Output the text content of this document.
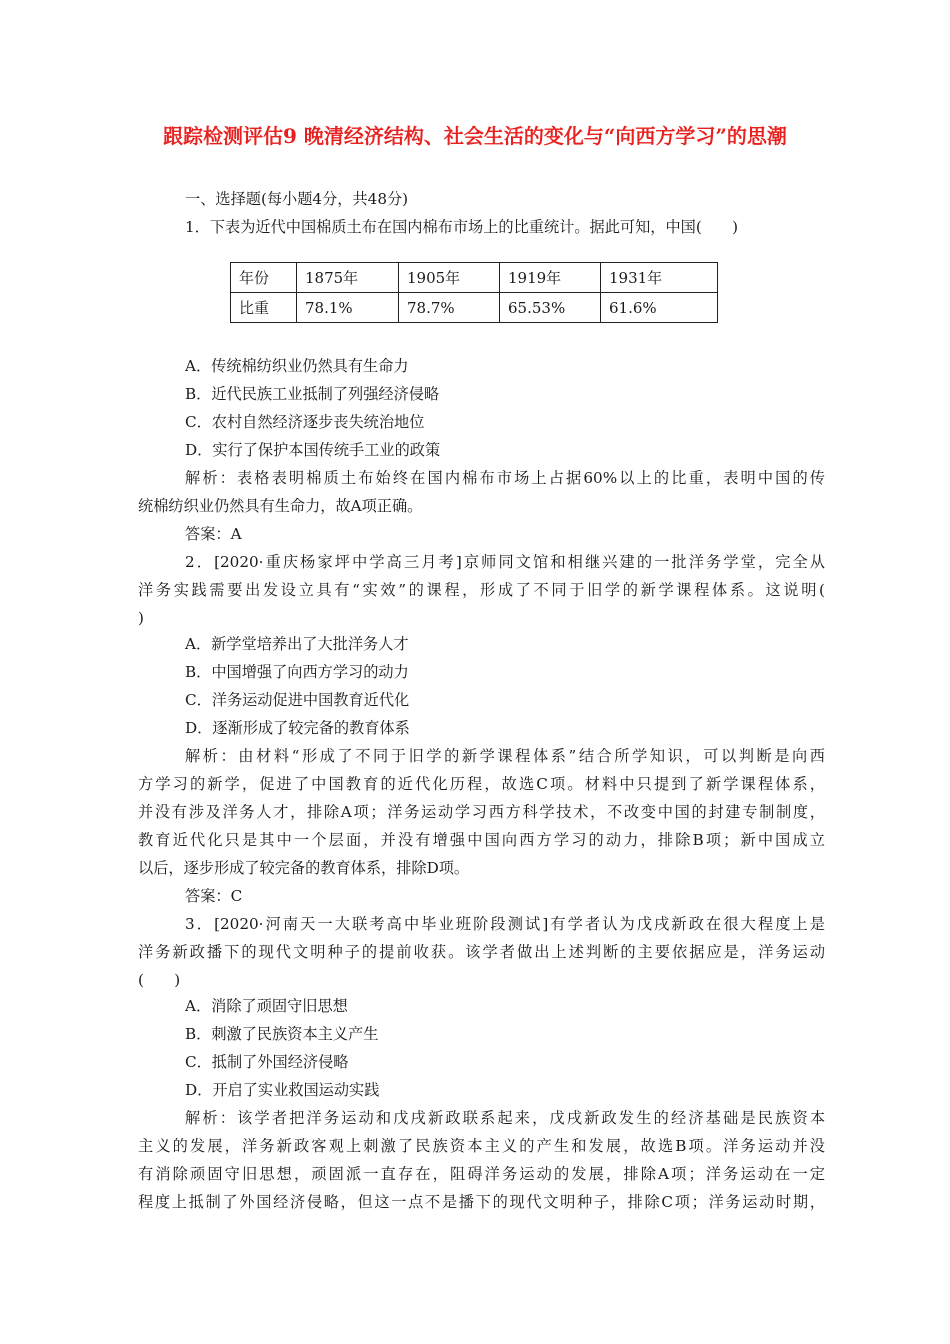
跟踪检测评估9 晚清经济结构、社会生活的变化与“向西方学习”的思潮
一、选择题(每小题4分，共48分)
1．下表为近代中国棉质土布在国内棉布市场上的比重统计。据此可知，中国(　　)
年份	1875年	1905年	1919年	1931年
比重	78.1%	78.7%	65.53%	61.6%
A．传统棉纺织业仍然具有生命力
B．近代民族工业抵制了列强经济侵略
C．农村自然经济逐步丧失统治地位
D．实行了保护本国传统手工业的政策
解析：表格表明棉质土布始终在国内棉布市场上占据60%以上的比重，表明中国的传
统棉纺织业仍然具有生命力，故A项正确。
答案：A
2．[2020·重庆杨家坪中学高三月考]京师同文馆和相继兴建的一批洋务学堂，完全从
洋务实践需要出发设立具有“实效”的课程，形成了不同于旧学的新学课程体系。这说明(
)
A．新学堂培养出了大批洋务人才
B．中国增强了向西方学习的动力
C．洋务运动促进中国教育近代化
D．逐渐形成了较完备的教育体系
解析：由材料“形成了不同于旧学的新学课程体系”结合所学知识，可以判断是向西
方学习的新学，促进了中国教育的近代化历程，故选C项。材料中只提到了新学课程体系，
并没有涉及洋务人才，排除A项；洋务运动学习西方科学技术，不改变中国的封建专制制度，
教育近代化只是其中一个层面，并没有增强中国向西方学习的动力，排除B项；新中国成立
以后，逐步形成了较完备的教育体系，排除D项。
答案：C
3．[2020·河南天一大联考高中毕业班阶段测试]有学者认为戊戌新政在很大程度上是
洋务新政播下的现代文明种子的提前收获。该学者做出上述判断的主要依据应是，洋务运动
(　　)
A．消除了顽固守旧思想
B．刺激了民族资本主义产生
C．抵制了外国经济侵略
D．开启了实业救国运动实践
解析：该学者把洋务运动和戊戌新政联系起来，戊戌新政发生的经济基础是民族资本
主义的发展，洋务新政客观上刺激了民族资本主义的产生和发展，故选B项。洋务运动并没
有消除顽固守旧思想，顽固派一直存在，阻碍洋务运动的发展，排除A项；洋务运动在一定
程度上抵制了外国经济侵略，但这一点不是播下的现代文明种子，排除C项；洋务运动时期，
